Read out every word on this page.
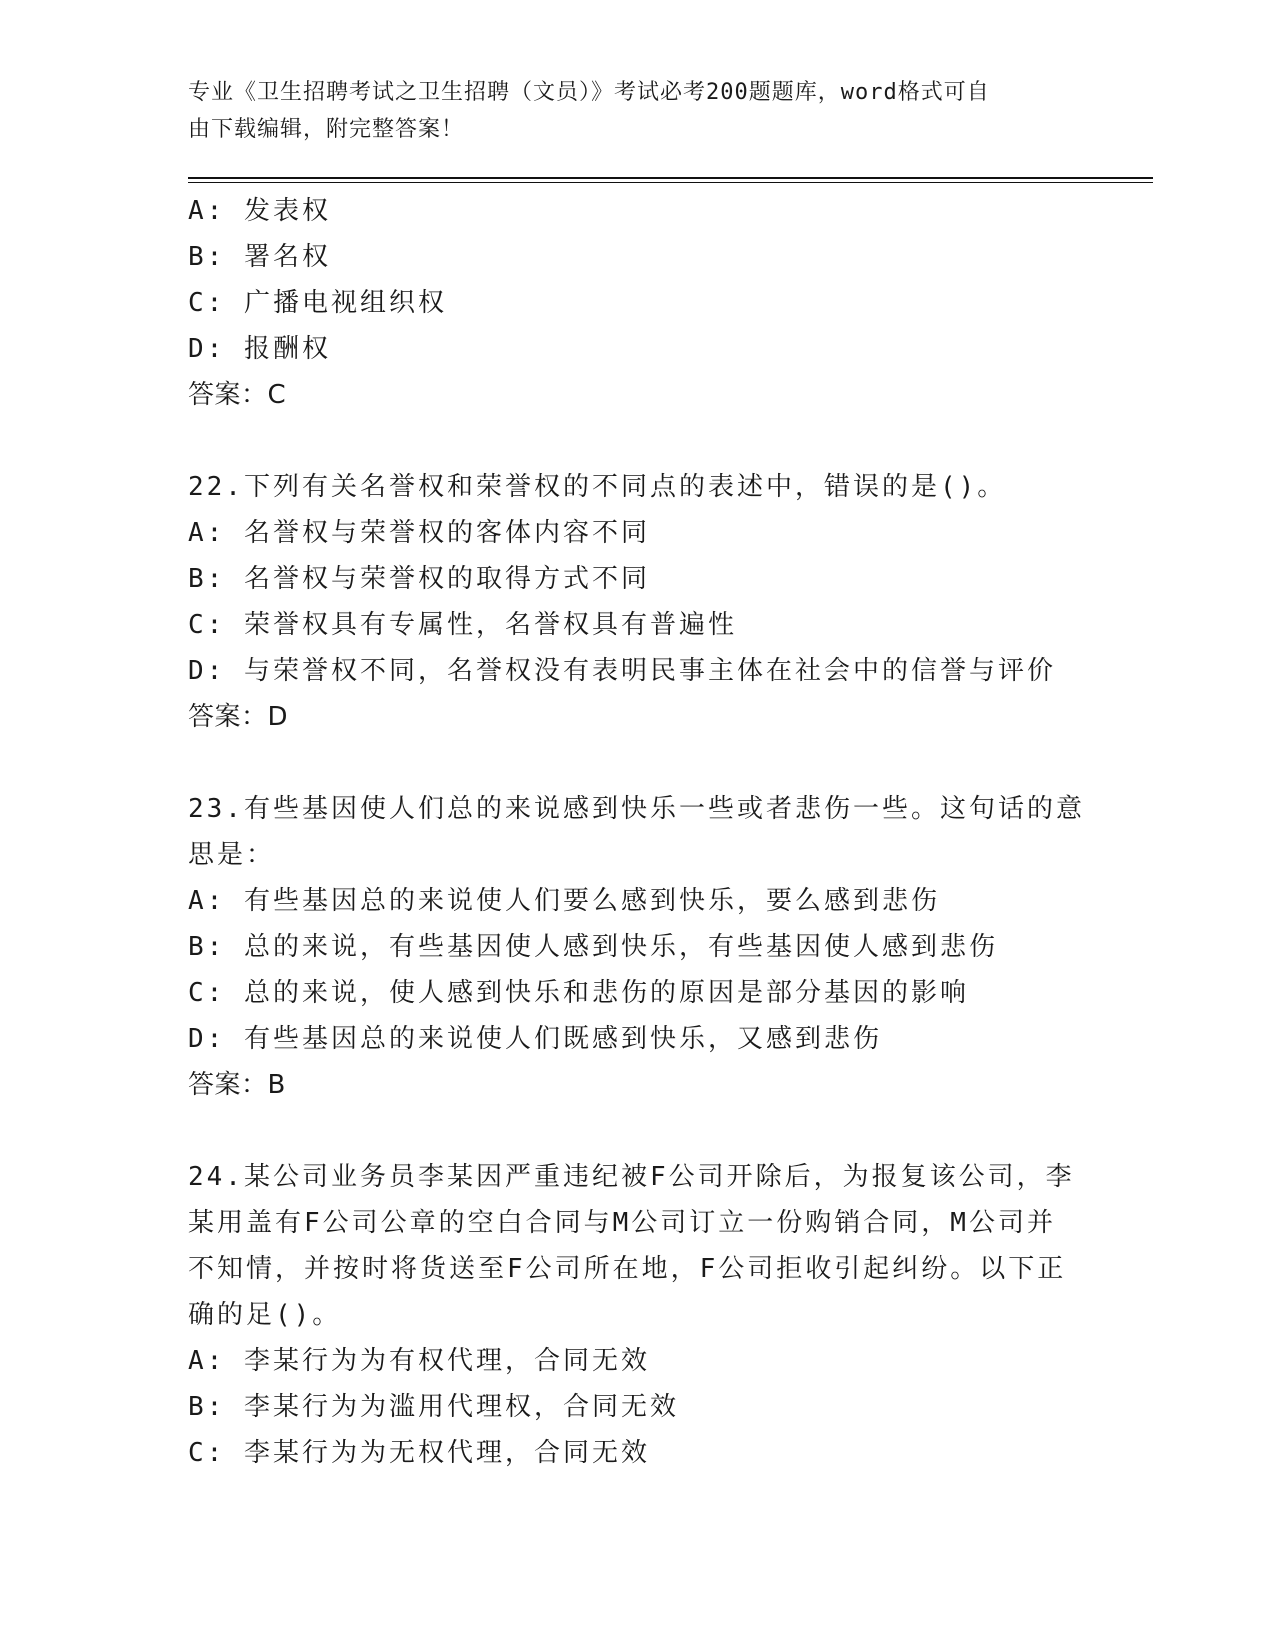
专业《卫生招聘考试之卫生招聘（文员）》考试必考200题题库，word格式可自
由下载编辑，附完整答案！
A: 发表权
B: 署名权
C: 广播电视组织权
D: 报酬权
答案：C
22.下列有关名誉权和荣誉权的不同点的表述中，错误的是()。
A: 名誉权与荣誉权的客体内容不同
B: 名誉权与荣誉权的取得方式不同
C: 荣誉权具有专属性，名誉权具有普遍性
D: 与荣誉权不同，名誉权没有表明民事主体在社会中的信誉与评价
答案：D
23.有些基因使人们总的来说感到快乐一些或者悲伤一些。这句话的意
思是：
A: 有些基因总的来说使人们要么感到快乐，要么感到悲伤
B: 总的来说，有些基因使人感到快乐，有些基因使人感到悲伤
C: 总的来说，使人感到快乐和悲伤的原因是部分基因的影响
D: 有些基因总的来说使人们既感到快乐，又感到悲伤
答案：B
24.某公司业务员李某因严重违纪被F公司开除后，为报复该公司，李
某用盖有F公司公章的空白合同与M公司订立一份购销合同，M公司并
不知情，并按时将货送至F公司所在地，F公司拒收引起纠纷。以下正
确的足()。
A: 李某行为为有权代理，合同无效
B: 李某行为为滥用代理权，合同无效
C: 李某行为为无权代理，合同无效
